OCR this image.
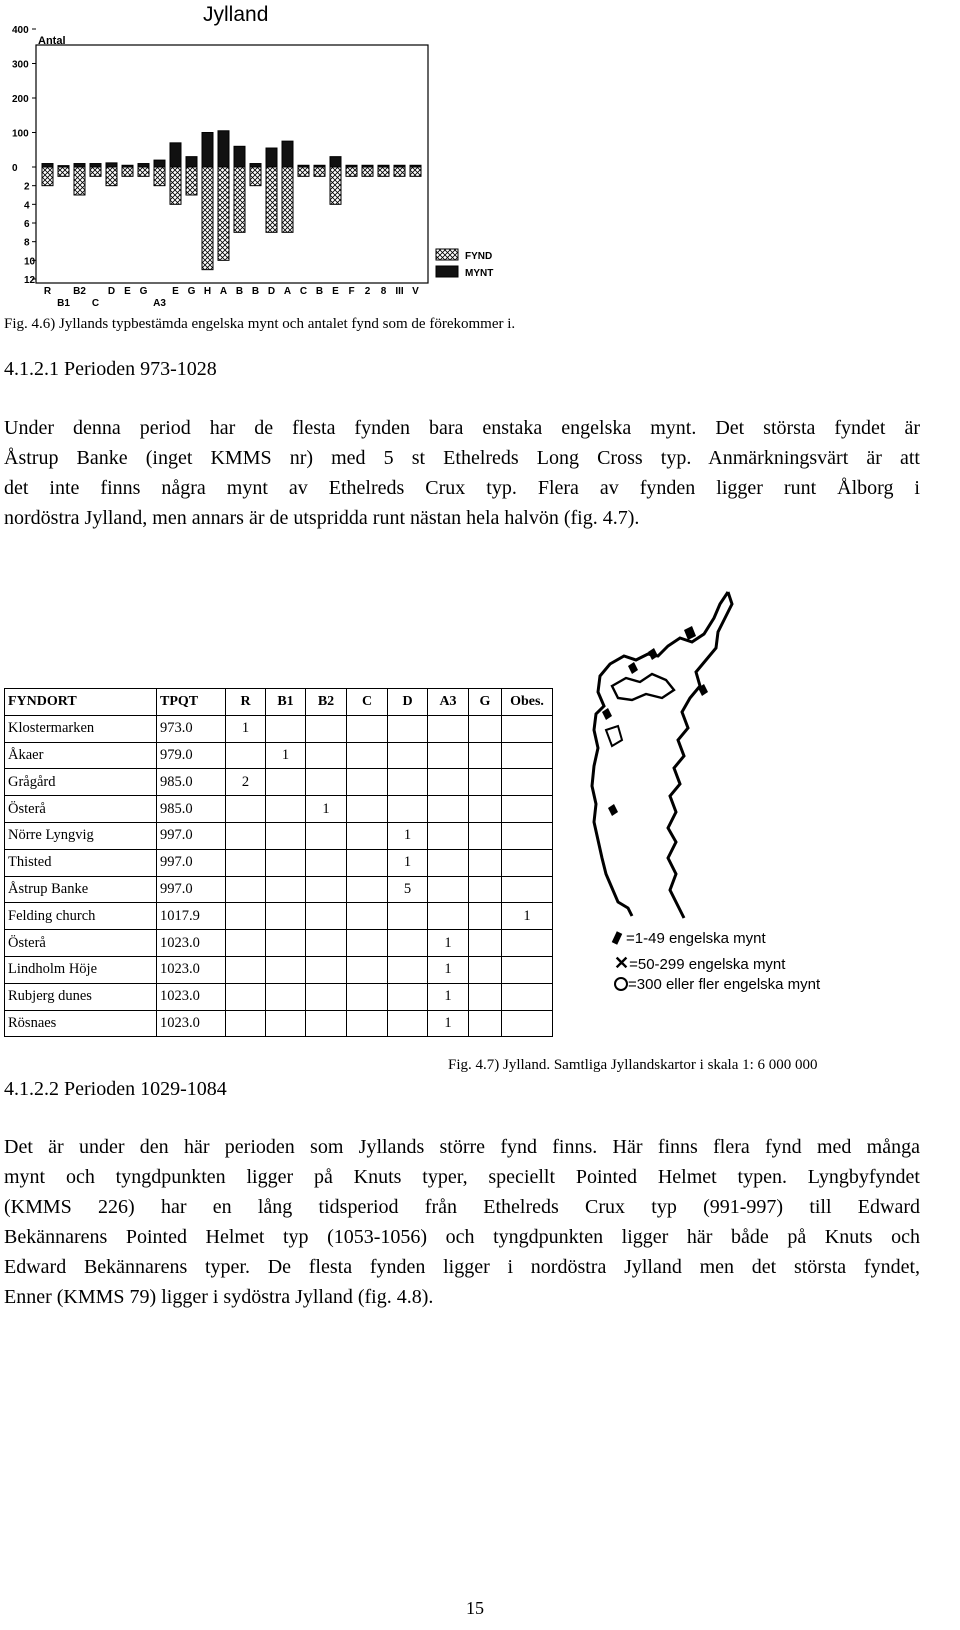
Jylland
Antal
400
300
200
100
0
2
4
6
8
10
12
R
B1
B2
C
D E G
A3
E G H A B B D A C B E F 2 8 III V
FYND
MYNT
Fig. 4.6) Jyllands typbestämda engelska mynt och antalet fynd som de förekommer i.
4.1.2.1 Perioden 973-1028
Under denna period har de flesta fynden bara enstaka engelska mynt. Det största fyndet är
Åstrup Banke (inget KMMS nr) med 5 st Ethelreds Long Cross typ. Anmärkningsvärt är att
det inte finns några mynt av Ethelreds Crux typ. Flera av fynden ligger runt Ålborg i
nordöstra Jylland, men annars är de utspridda runt nästan hela halvön (fig. 4.7).
FYNDORT	TPQT	R	B1	B2	C	D	A3	G	Obes.
Klostermarken	973.0	1							
Åkaer	979.0		1						
Grågård	985.0	2							
Österå	985.0			1					
Nörre Lyngvig	997.0					1			
Thisted	997.0					1			
Åstrup Banke	997.0					5			
Felding church	1017.9								1
Österå	1023.0						1		
Lindholm Höje	1023.0						1		
Rubjerg dunes	1023.0						1		
Rösnaes	1023.0						1		
=1-49 engelska mynt
✕=50-299 engelska mynt
=300 eller fler engelska mynt
Fig. 4.7) Jylland. Samtliga Jyllandskartor i skala 1: 6 000 000
4.1.2.2 Perioden 1029-1084
Det är under den här perioden som Jyllands större fynd finns. Här finns flera fynd med många
mynt och tyngdpunkten ligger på Knuts typer, speciellt Pointed Helmet typen. Lyngbyfyndet
(KMMS 226) har en lång tidsperiod från Ethelreds Crux typ (991-997) till Edward
Bekännarens Pointed Helmet typ (1053-1056) och tyngdpunkten ligger här både på Knuts och
Edward Bekännarens typer. De flesta fynden ligger i nordöstra Jylland men det största fyndet,
Enner (KMMS 79) ligger i sydöstra Jylland (fig. 4.8).
15
